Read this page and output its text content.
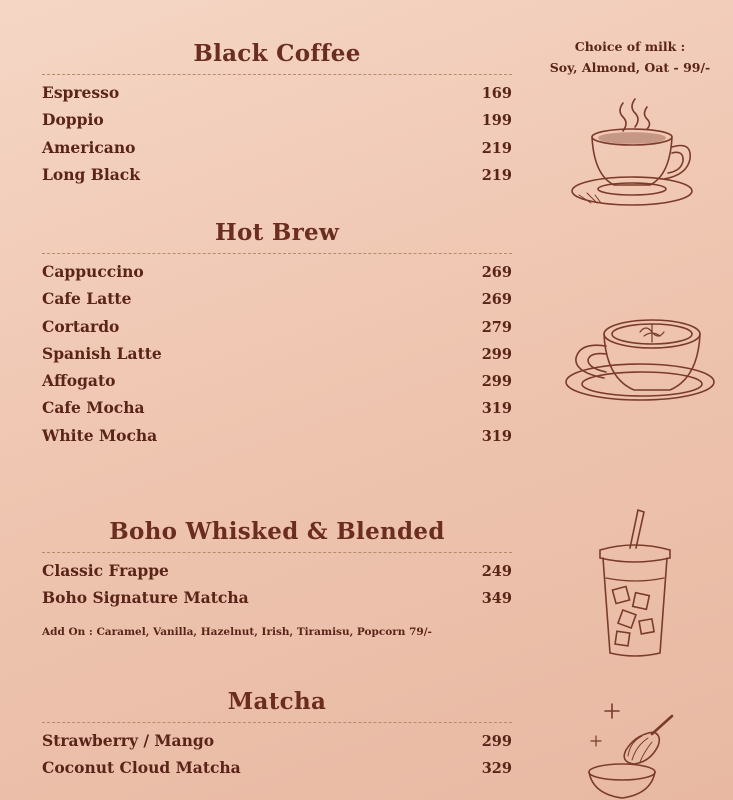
Black Coffee
Espresso	169
Doppio	199
Americano	219
Long Black	219
Hot Brew
Cappuccino	269
Cafe Latte	269
Cortardo	279
Spanish Latte	299
Affogato	299
Cafe Mocha	319
White Mocha	319
Boho Whisked & Blended
Classic Frappe	249
Boho Signature Matcha	349
Add On : Caramel, Vanilla, Hazelnut, Irish, Tiramisu, Popcorn 79/-
Matcha
Strawberry / Mango	299
Coconut Cloud Matcha	329
Choice of milk :
Soy, Almond, Oat - 99/-
